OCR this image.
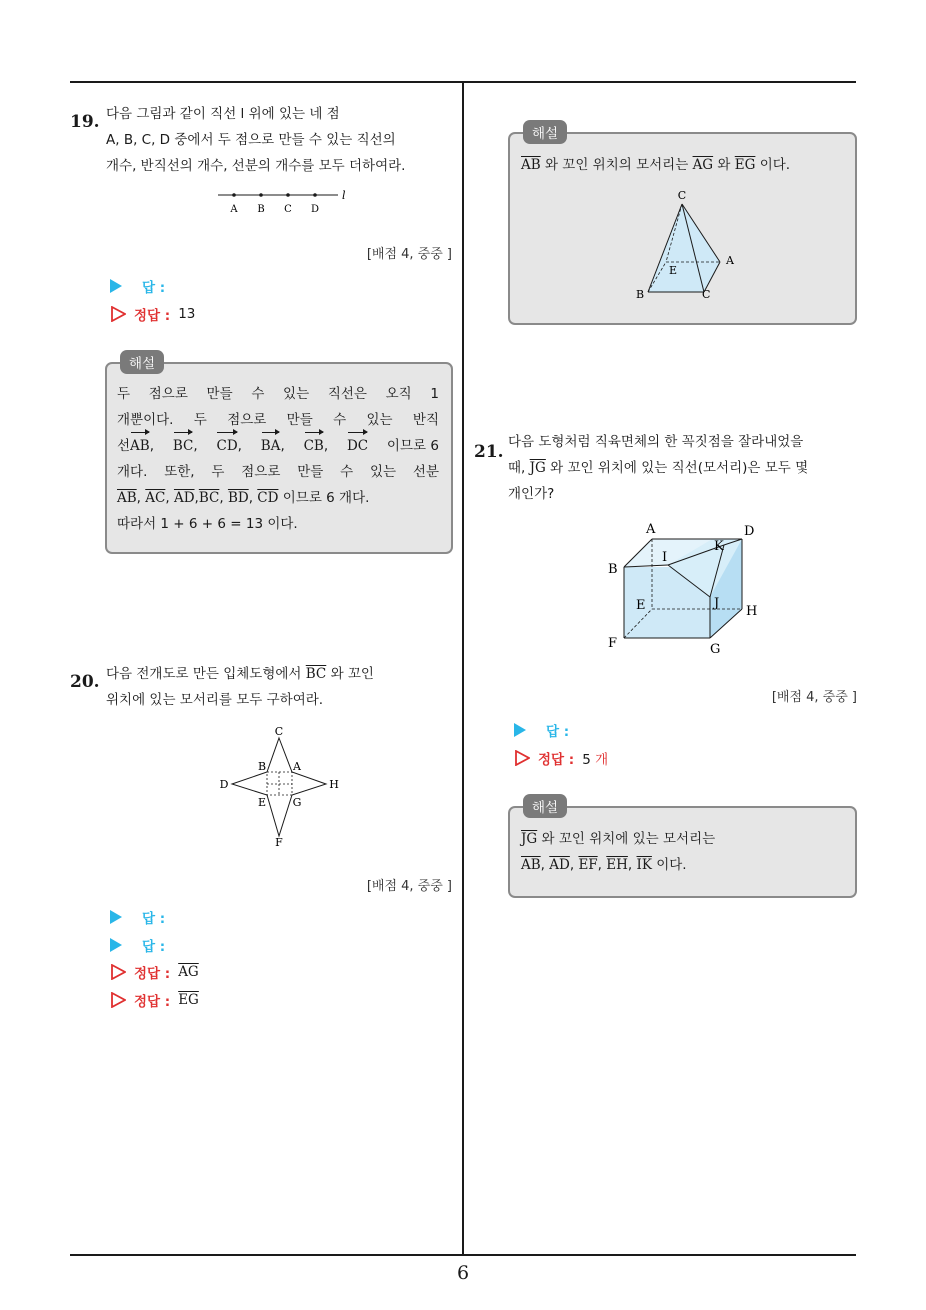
6
19. 다음 그림과 같이 직선 l 위에 있는 네 점
A, B, C, D 중에서 두 점으로 만들 수 있는 직선의
개수, 반직선의 개수, 선분의 개수를 모두 더하여라.
A B C D
l
[배점 4, 중중 ]
답 :
정답 : 13
해설
두 점으로 만들 수 있는 직선은 오직 1
개뿐이다. 두 점으로 만들 수 있는 반직
선AB, BC, CD, BA, CB, DC 이므로 6
개다. 또한, 두 점으로 만들 수 있는 선분
$\overline{AB}$, $\overline{AC}$, $\overline{AD},\overline{BC}$, $\overline{BD}$, $\overline{CD}$ 이므로 6 개다.
따라서 1 + 6 + 6 = 13 이다.
20. 다음 전개도로 만든 입체도형에서 $\overline{BC}$ 와 꼬인
위치에 있는 모서리를 모두 구하여라.
C
B A
D	H
E G
F
[배점 4, 중중 ]
답 :
답 :
정답 : $\overline{AG}$
정답 : $\overline{EG}$
해설
$\overline{AB}$ 와 꼬인 위치의 모서리는 $\overline{AG}$ 와 $\overline{EG}$ 이다.
C
A
E
B	C
21. 다음 도형처럼 직육면체의 한 꼭짓점을 잘라내었을
때, $\overline{JG}$ 와 꼬인 위치에 있는 직선(모서리)은 모두 몇
개인가?
A	D
I
K
B
E	J
H
F	G
[배점 4, 중중 ]
답 :
정답 : 5 개
해설
$\overline{JG}$ 와 꼬인 위치에 있는 모서리는
$\overline{AB}$, $\overline{AD}$, $\overline{EF}$, $\overline{EH}$, $\overline{IK}$ 이다.
